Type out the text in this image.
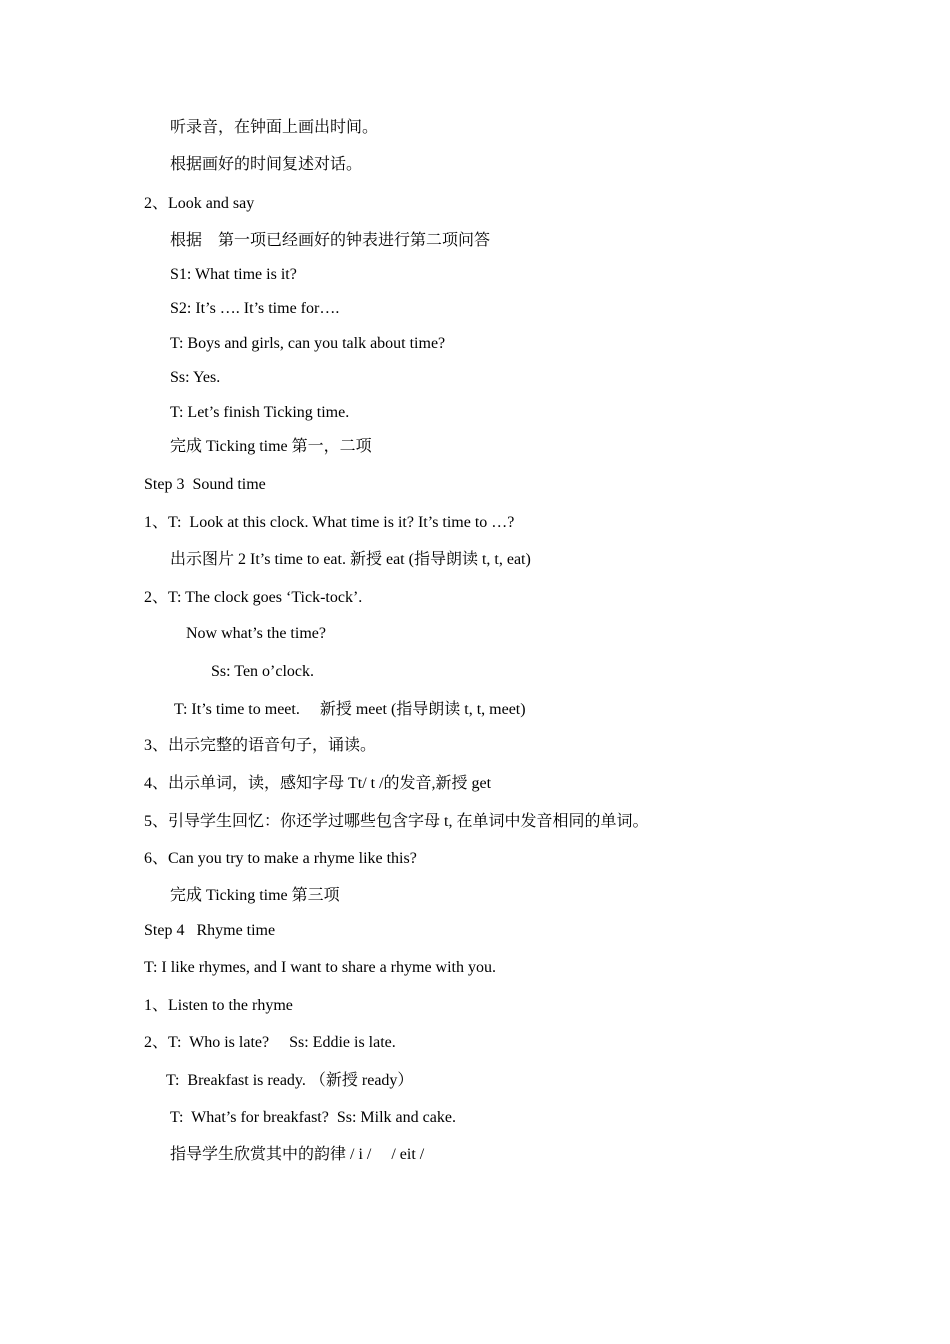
听录音，在钟面上画出时间。
根据画好的时间复述对话。
2、Look and say
根据    第一项已经画好的钟表进行第二项问答
S1: What time is it?
S2: It’s …. It’s time for….
T: Boys and girls, can you talk about time?
Ss: Yes.
T: Let’s finish Ticking time.
完成 Ticking time 第一，二项
Step 3  Sound time
1、T:  Look at this clock. What time is it? It’s time to …?
出示图片 2 It’s time to eat. 新授 eat (指导朗读 t, t, eat)
2、T: The clock goes ‘Tick-tock’.
Now what’s the time?
Ss: Ten o’clock.
T: It’s time to meet.     新授 meet (指导朗读 t, t, meet)
3、出示完整的语音句子，诵读。
4、出示单词，读，感知字母 Tt/ t /的发音,新授 get
5、引导学生回忆：你还学过哪些包含字母 t, 在单词中发音相同的单词。
6、Can you try to make a rhyme like this?
完成 Ticking time 第三项
Step 4   Rhyme time
T: I like rhymes, and I want to share a rhyme with you.
1、Listen to the rhyme
2、T:  Who is late?     Ss: Eddie is late.
T:  Breakfast is ready. （新授 ready）
T:  What’s for breakfast?  Ss: Milk and cake.
指导学生欣赏其中的韵律 / i /     / eit /
